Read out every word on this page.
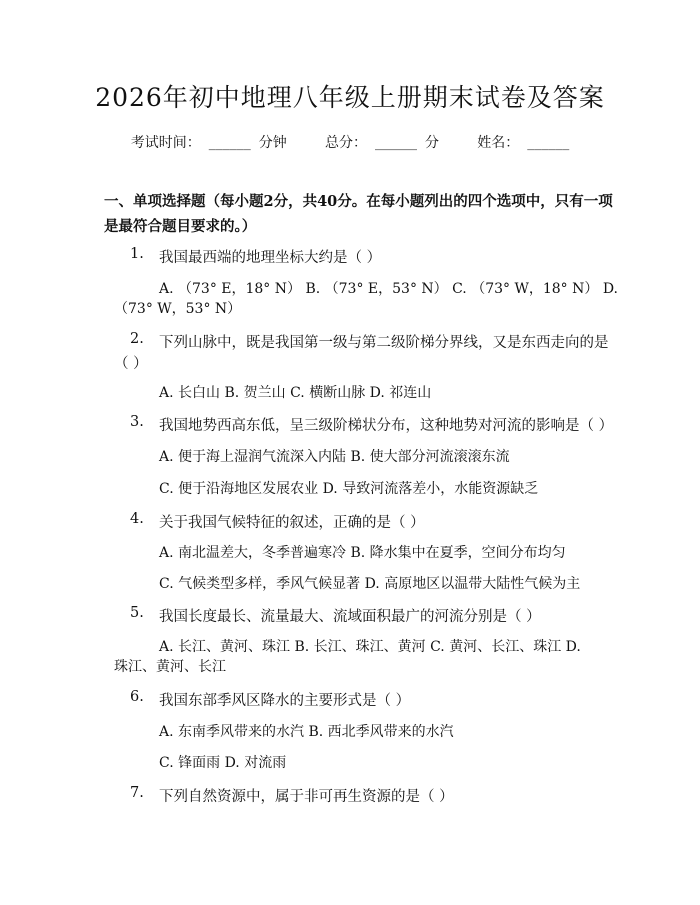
2026年初中地理八年级上册期末试卷及答案
考试时间： ______ 分钟	总分： ______ 分	姓名： ______
一、单项选择题（每小题2分，共40分。在每小题列出的四个选项中，只有一项
是最符合题目要求的。）
1. 我国最西端的地理坐标大约是（ ）
A. （73° E，18° N） B. （73° E，53° N） C. （73° W，18° N） D.
（73° W，53° N）
2. 下列山脉中，既是我国第一级与第二级阶梯分界线，又是东西走向的是
（ ）
A. 长白山 B. 贺兰山 C. 横断山脉 D. 祁连山
3. 我国地势西高东低，呈三级阶梯状分布，这种地势对河流的影响是（ ）
A. 便于海上湿润气流深入内陆 B. 使大部分河流滚滚东流
C. 便于沿海地区发展农业 D. 导致河流落差小，水能资源缺乏
4. 关于我国气候特征的叙述，正确的是（ ）
A. 南北温差大，冬季普遍寒冷 B. 降水集中在夏季，空间分布均匀
C. 气候类型多样，季风气候显著 D. 高原地区以温带大陆性气候为主
5. 我国长度最长、流量最大、流域面积最广的河流分别是（ ）
A. 长江、黄河、珠江 B. 长江、珠江、黄河 C. 黄河、长江、珠江 D.
珠江、黄河、长江
6. 我国东部季风区降水的主要形式是（ ）
A. 东南季风带来的水汽 B. 西北季风带来的水汽
C. 锋面雨 D. 对流雨
7. 下列自然资源中，属于非可再生资源的是（ ）
